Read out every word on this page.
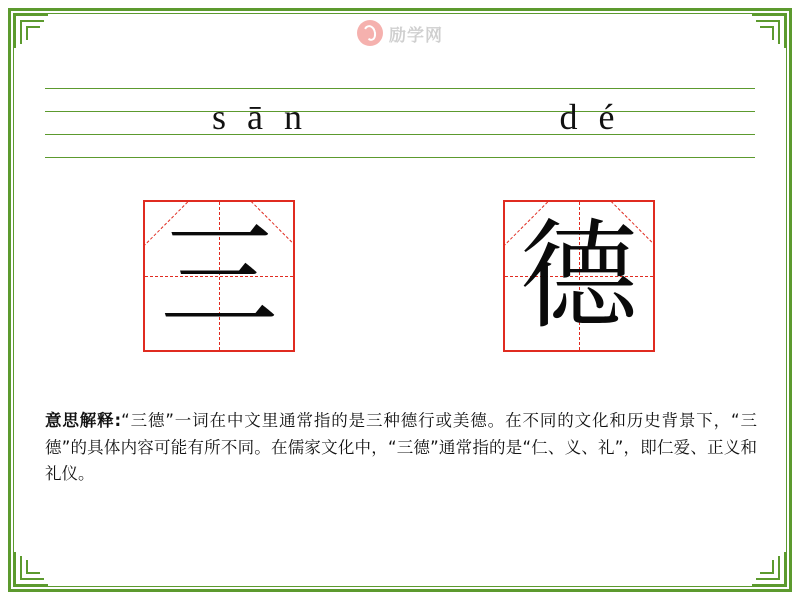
励学网
s ā n	d é
三 德
意思解释:“三德”一词在中文里通常指的是三种德行或美德。在不同的文化和历史背景下，“三德”的具体内容可能有所不同。在儒家文化中，“三德”通常指的是“仁、义、礼”，即仁爱、正义和礼仪。
